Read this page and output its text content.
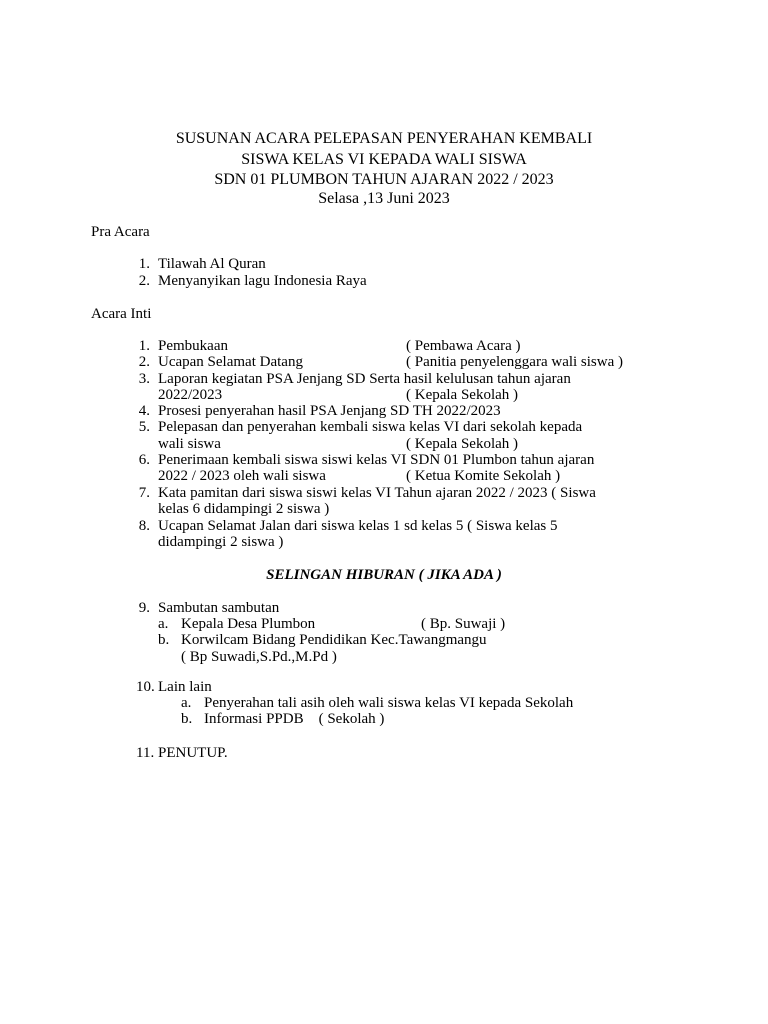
SUSUNAN ACARA PELEPASAN PENYERAHAN KEMBALI
SISWA KELAS VI KEPADA WALI SISWA
SDN 01 PLUMBON TAHUN AJARAN 2022 / 2023
Selasa ,13 Juni 2023
Pra Acara
1. Tilawah Al Quran
2. Menyanyikan lagu Indonesia Raya
Acara Inti
1. Pembukaan	( Pembawa Acara )
2. Ucapan Selamat Datang	( Panitia penyelenggara wali siswa )
3. Laporan kegiatan PSA Jenjang SD Serta hasil kelulusan tahun ajaran
2022/2023	( Kepala Sekolah )
4. Prosesi penyerahan hasil PSA Jenjang SD TH 2022/2023
5. Pelepasan dan penyerahan kembali siswa kelas VI dari sekolah kepada
wali siswa	( Kepala Sekolah )
6. Penerimaan kembali siswa siswi kelas VI SDN 01 Plumbon tahun ajaran
2022 / 2023 oleh wali siswa	( Ketua Komite Sekolah )
7. Kata pamitan dari siswa siswi kelas VI Tahun ajaran 2022 / 2023 ( Siswa
kelas 6 didampingi 2 siswa )
8. Ucapan Selamat Jalan dari siswa kelas 1 sd kelas 5 ( Siswa kelas 5
didampingi 2 siswa )
SELINGAN HIBURAN ( JIKA ADA )
9. Sambutan sambutan
a. Kepala Desa Plumbon	( Bp. Suwaji )
b. Korwilcam Bidang Pendidikan Kec.Tawangmangu
( Bp Suwadi,S.Pd.,M.Pd )
10. Lain lain
a. Penyerahan tali asih oleh wali siswa kelas VI kepada Sekolah
b. Informasi PPDB    ( Sekolah )
11. PENUTUP.
